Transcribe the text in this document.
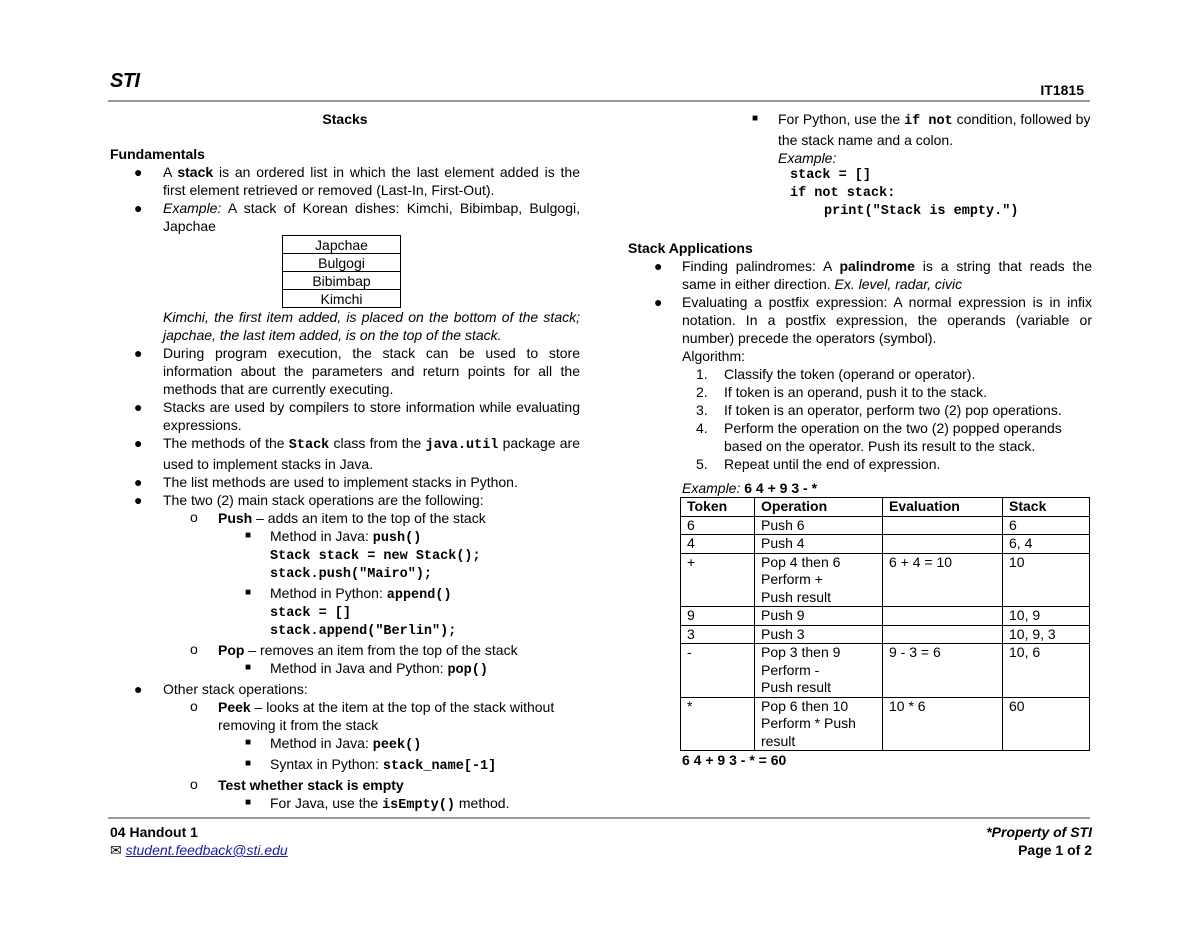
STI	IT1815
Stacks
Fundamentals
● A stack is an ordered list in which the last element added is the first element retrieved or removed (Last-In, First-Out).
● Example: A stack of Korean dishes: Kimchi, Bibimbap, Bulgogi, Japchae
Japchae
Bulgogi
Bibimbap
Kimchi
Kimchi, the first item added, is placed on the bottom of the stack; japchae, the last item added, is on the top of the stack.
● During program execution, the stack can be used to store information about the parameters and return points for all the methods that are currently executing.
● Stacks are used by compilers to store information while evaluating expressions.
● The methods of the Stack class from the java.util package are used to implement stacks in Java.
● The list methods are used to implement stacks in Python.
● The two (2) main stack operations are the following:
o Push – adds an item to the top of the stack
■ Method in Java: push()
Stack stack = new Stack();
stack.push("Mairo");
■ Method in Python: append()
stack = []
stack.append("Berlin");
o Pop – removes an item from the top of the stack
■ Method in Java and Python: pop()
● Other stack operations:
o Peek – looks at the item at the top of the stack without removing it from the stack
■ Method in Java: peek()
■ Syntax in Python: stack_name[-1]
o Test whether stack is empty
■ For Java, use the isEmpty() method.
■ For Python, use the if not condition, followed by the stack name and a colon.
Example:
stack = []
if not stack:
print("Stack is empty.")
Stack Applications
● Finding palindromes: A palindrome is a string that reads the same in either direction. Ex. level, radar, civic
● Evaluating a postfix expression: A normal expression is in infix notation. In a postfix expression, the operands (variable or number) precede the operators (symbol).
Algorithm:
1. Classify the token (operand or operator).
2. If token is an operand, push it to the stack.
3. If token is an operator, perform two (2) pop operations.
4. Perform the operation on the two (2) popped operands based on the operator. Push its result to the stack.
5. Repeat until the end of expression.
Example: 6 4 + 9 3 - *
Token	Operation	Evaluation	Stack
6	Push 6		6
4	Push 4		6, 4
+	Pop 4 then 6
Perform +
Push result	6 + 4 = 10	10
9	Push 9		10, 9
3	Push 3		10, 9, 3
-	Pop 3 then 9
Perform -
Push result	9 - 3 = 6	10, 6
*	Pop 6 then 10
Perform * Push
result	10 * 6	60
6 4 + 9 3 - * = 60
04 Handout 1
✉ student.feedback@sti.edu
*Property of STI
Page 1 of 2
